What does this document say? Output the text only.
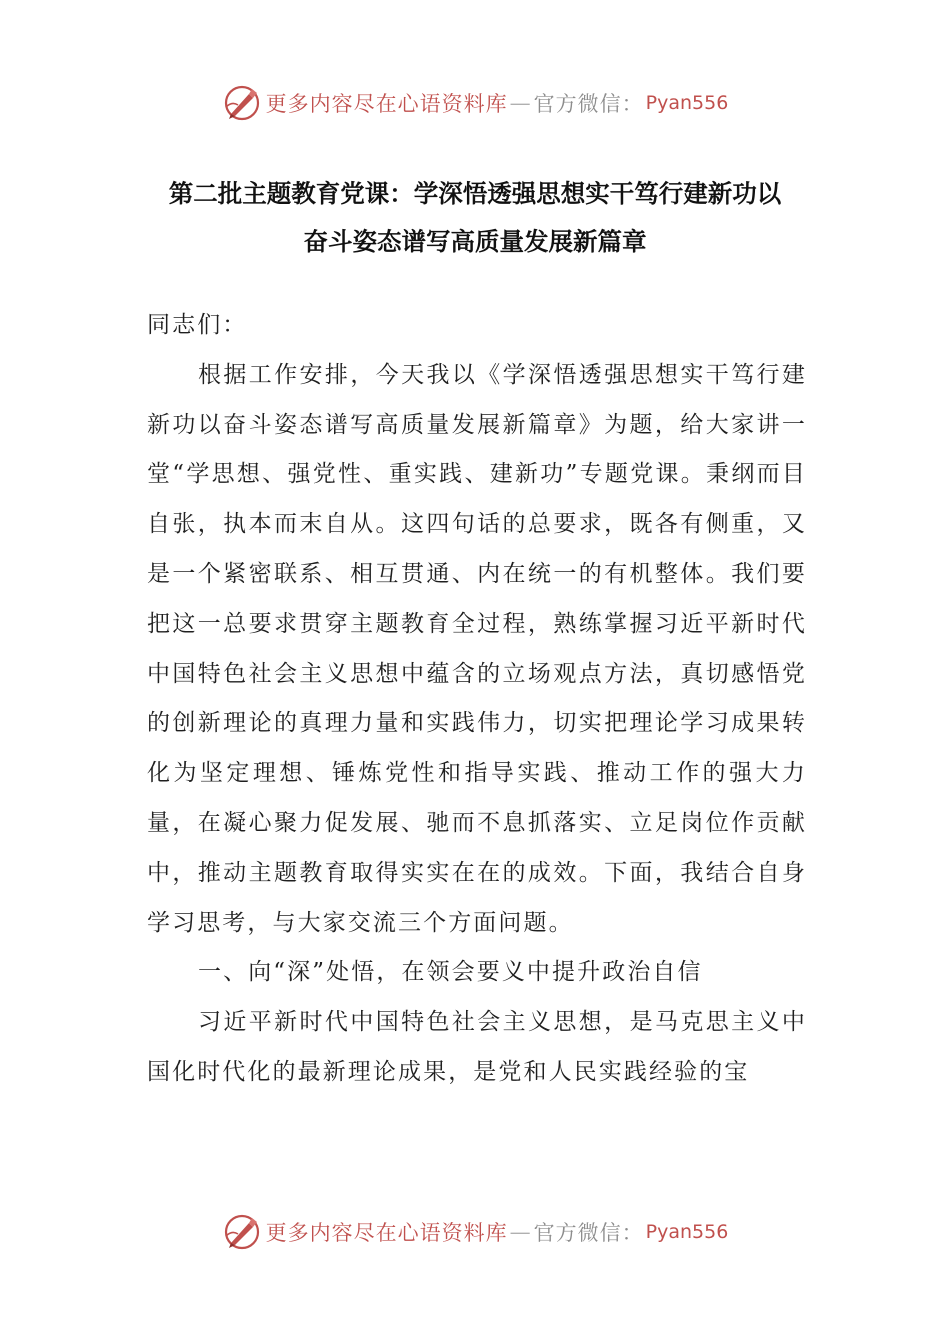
更多内容尽在心语资料库 — 官方微信： Pyan556
第二批主题教育党课：学深悟透强思想实干笃行建新功以
奋斗姿态谱写高质量发展新篇章

同志们：

根据工作安排，今天我以《学深悟透强思想实干笃行建新功以奋斗姿态谱写高质量发展新篇章》为题，给大家讲一堂“学思想、强党性、重实践、建新功”专题党课。秉纲而目自张，执本而末自从。这四句话的总要求，既各有侧重，又是一个紧密联系、相互贯通、内在统一的有机整体。我们要把这一总要求贯穿主题教育全过程，熟练掌握习近平新时代中国特色社会主义思想中蕴含的立场观点方法，真切感悟党的创新理论的真理力量和实践伟力，切实把理论学习成果转化为坚定理想、锤炼党性和指导实践、推动工作的强大力量，在凝心聚力促发展、驰而不息抓落实、立足岗位作贡献中，推动主题教育取得实实在在的成效。下面，我结合自身学习思考，与大家交流三个方面问题。

一、向“深”处悟，在领会要义中提升政治自信

习近平新时代中国特色社会主义思想，是马克思主义中国化时代化的最新理论成果，是党和人民实践经验的宝

更多内容尽在心语资料库 — 官方微信： Pyan556
